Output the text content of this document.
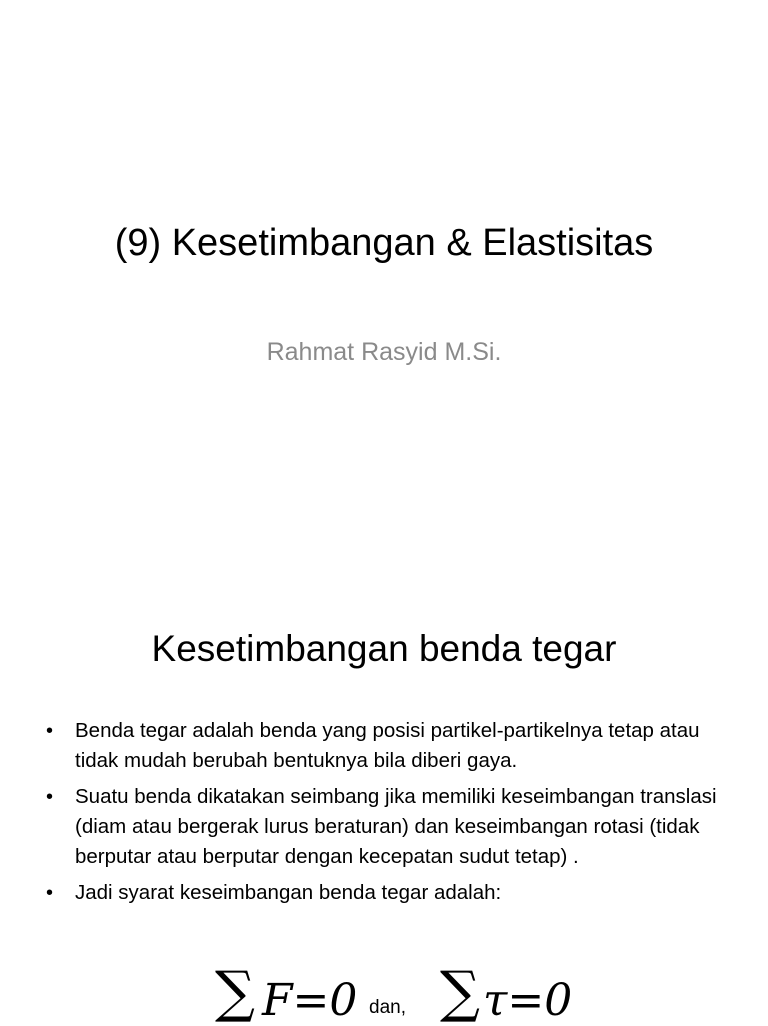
(9) Kesetimbangan & Elastisitas

Rahmat Rasyid M.Si.

Kesetimbangan benda tegar
• Benda tegar adalah benda yang posisi partikel-partikelnya tetap atau tidak mudah berubah bentuknya bila diberi gaya.
• Suatu benda dikatakan seimbang jika memiliki keseimbangan translasi (diam atau bergerak lurus beraturan) dan keseimbangan rotasi (tidak berputar atau berputar dengan kecepatan sudut tetap) .
• Jadi syarat keseimbangan benda tegar adalah:
∑ F=0 dan, ∑ τ=0
